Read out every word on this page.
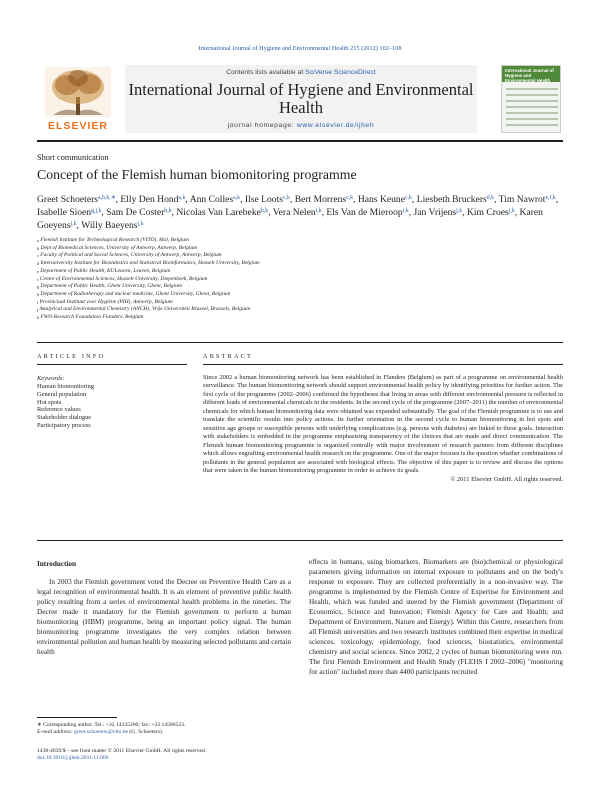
International Journal of Hygiene and Environmental Health 215 (2012) 102–108
ELSEVIER
Contents lists available at SciVerse ScienceDirect
International Journal of Hygiene and Environmental Health
journal homepage: www.elsevier.de/ijheh
International Journal of Hygiene and Environmental Health
Short communication
Concept of the Flemish human biomonitoring programme
Greet Schoeters$^{a,b,k,∗}$, Elly Den Hond$^{a,k}$, Ann Colles$^{a,k}$, Ilse Loots$^{c,k}$, Bert Morrens$^{c,k}$, Hans Keune$^{c,k}$, Liesbeth Bruckers$^{d,k}$, Tim Nawrot$^{e,f,k}$, Isabelle Sioen$^{g,j,k}$, Sam De Coster$^{h,k}$, Nicolas Van Larebeke$^{h,k}$, Vera Nelen$^{i,k}$, Els Van de Mieroop$^{i,k}$, Jan Vrijens$^{j,k}$, Kim Croes$^{j,k}$, Karen Goeyens$^{j,k}$, Willy Baeyens$^{j,k}$
$^a$ Flemish Institute for Technological Research (VITO), Mol, Belgium
$^b$ Dept of Biomedical Sciences, University of Antwerp, Antwerp, Belgium
$^c$ Faculty of Political and Social Sciences, University of Antwerp, Antwerp, Belgium
$^d$ Interuniversity Institute for Biostatistics and Statistical Bioinformatics, Hasselt University, Belgium
$^e$ Department of Public Health, KULeuven, Leuven, Belgium
$^f$ Centre of Environmental Sciences, Hasselt University, Diepenbeek, Belgium
$^g$ Department of Public Health, Ghent University, Ghent, Belgium
$^h$ Department of Radiotherapy and nuclear medicine, Ghent University, Ghent, Belgium
$^i$ Provinciaal Instituut voor Hygiëne (PIH), Antwerp, Belgium
$^j$ Analytical and Environmental Chemistry (ANCH), Vrije Universiteit Brussel, Brussels, Belgium
$^k$ FWO Research Foundation Flanders, Belgium
ARTICLE INFO	ABSTRACT
Keywords:
Human biomonitoring
General population
Hot spots
Reference values
Stakeholder dialogue
Participatory process
Since 2002 a human biomonitoring network has been established in Flanders (Belgium) as part of a programme on environmental health surveillance. The human biomonitoring network should support environmental health policy by identifying priorities for further action. The first cycle of the programme (2002–2006) confirmed the hypotheses that living in areas with different environmental pressure is reflected in different loads of environmental chemicals in the residents. In the second cycle of the programme (2007–2011) the number of environmental chemicals for which human biomonitoring data were obtained was expanded substantially. The goal of the Flemish programme is to use and translate the scientific results into policy actions. Its further orientation in the second cycle to human biomonitoring in hot spots and sensitive age groups or susceptible persons with underlying complications (e.g. persons with diabetes) are linked to these goals. Interaction with stakeholders is embedded in the programme emphasizing transparency of the choices that are made and direct communication. The Flemish human biomonitoring programme is organized centrally with major involvement of research partners from different disciplines which allows engrafting environmental health research on the programme. One of the major focuses is the question whether combinations of pollutants in the general population are associated with biological effects. The objective of this paper is to review and discuss the options that were taken in the human biomonitoring programme in order to achieve its goals.
© 2011 Elsevier GmbH. All rights reserved.
Introduction
In 2003 the Flemish government voted the Decree on Preventive Health Care as a legal recognition of environmental health. It is an element of preventive public health policy resulting from a series of environmental health problems in the nineties. The Decree made it mandatory for the Flemish government to perform a human biomonitoring (HBM) programme, being an important policy signal. The human biomonitoring programme investigates the very complex relation between environmental pollution and human health by measuring selected pollutants and certain health
effects in humans, using biomarkers. Biomarkers are (bio)chemical or physiological parameters giving information on internal exposure to pollutants and on the body's response to exposure. They are collected preferentially in a non-invasive way. The programme is implemented by the Flemish Centre of Expertise for Environment and Health, which was funded and steered by the Flemish government (Department of Economics, Science and Innovation; Flemish Agency for Care and Health; and Department of Environment, Nature and Energy). Within this Centre, researchers from all Flemish universities and two research institutes combined their expertise in medical sciences, toxicology, epidemiology, food sciences, biostatistics, environmental chemistry and social sciences. Since 2002, 2 cycles of human biomonitoring were run. The first Flemish Environment and Health Study (FLEHS I 2002–2006) "monitoring for action" included more than 4400 participants recruited
∗ Corresponding author. Tel.: +32 14335200; fax: +32 14580523.
E-mail address: greet.schoeters@vito.be (G. Schoeters).
1438-4639/$ – see front matter © 2011 Elsevier GmbH. All rights reserved.
doi:10.1016/j.ijheh.2011.11.006
